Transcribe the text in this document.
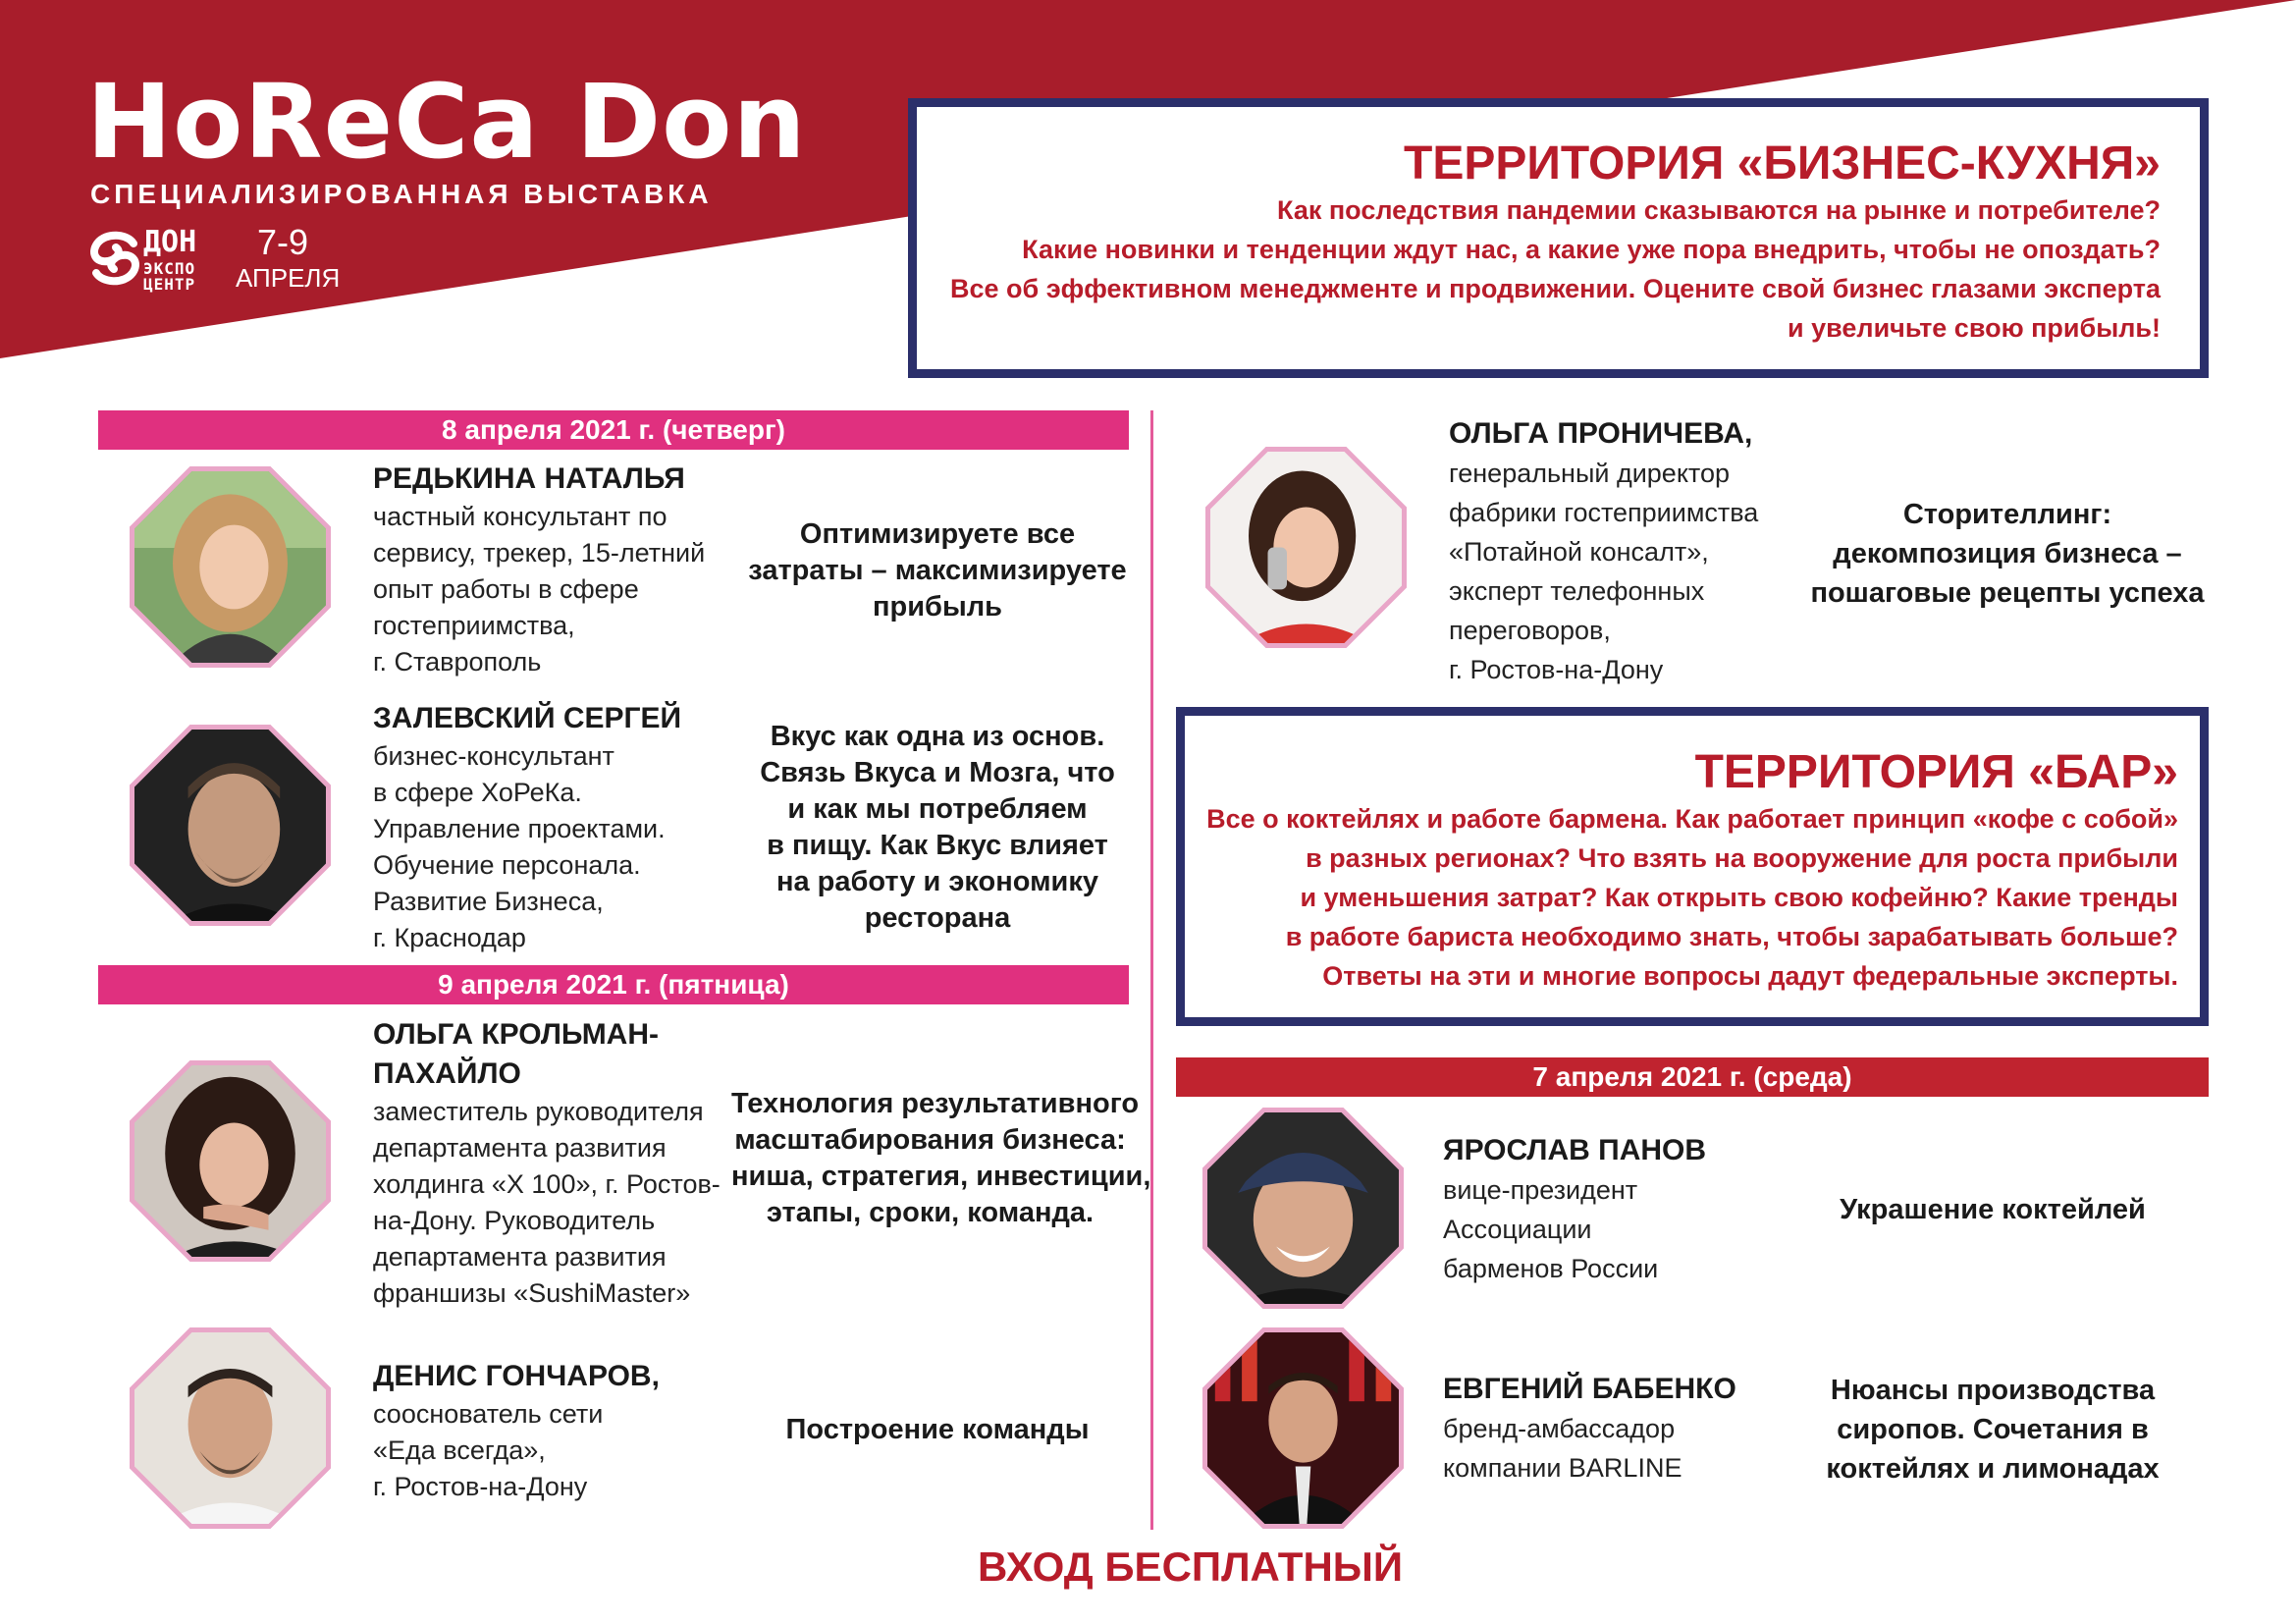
HoReCa Don
СПЕЦИАЛИЗИРОВАННАЯ ВЫСТАВКА
ДОН
ЭКСПО
ЦЕНТР
7-9
АПРЕЛЯ
ТЕРРИТОРИЯ «БИЗНЕС-КУХНЯ»
Как последствия пандемии сказываются на рынке и потребителе?
Какие новинки и тенденции ждут нас, а какие уже пора внедрить, чтобы не опоздать?
Все об эффективном менеджменте и продвижении. Оцените свой бизнес глазами эксперта
и увеличьте свою прибыль!
8 апреля 2021 г. (четверг)
РЕДЬКИНА НАТАЛЬЯ
частный консультант по
сервису, трекер, 15-летний
опыт работы в сфере
гостеприимства,
г. Ставрополь
Оптимизируете все
затраты – максимизируете
прибыль
ЗАЛЕВСКИЙ СЕРГЕЙ
бизнес-консультант
в сфере ХоРеКа.
Управление проектами.
Обучение персонала.
Развитие Бизнеса,
г. Краснодар
Вкус как одна из основ.
Связь Вкуса и Мозга, что
и как мы потребляем
в пищу. Как Вкус влияет
на работу и экономику
ресторана
9 апреля 2021 г. (пятница)
ОЛЬГА КРОЛЬМАН-
ПАХАЙЛО
заместитель руководителя
департамента развития
холдинга «Х 100», г. Ростов-
на-Дону. Руководитель
департамента развития
франшизы «SushiMaster»
Технология результативного
масштабирования бизнеса:
ниша, стратегия, инвестиции,
этапы, сроки, команда.
ДЕНИС ГОНЧАРОВ,
сооснователь сети
«Еда всегда»,
г. Ростов-на-Дону
Построение команды
ОЛЬГА ПРОНИЧЕВА,
генеральный директор
фабрики гостеприимства
«Потайной консалт»,
эксперт телефонных
переговоров,
г. Ростов-на-Дону
Сторителлинг:
декомпозиция бизнеса –
пошаговые рецепты успеха
ТЕРРИТОРИЯ «БАР»
Все о коктейлях и работе бармена. Как работает принцип «кофе с собой»
в разных регионах? Что взять на вооружение для роста прибыли
и уменьшения затрат? Как открыть свою кофейню? Какие тренды
в работе бариста необходимо знать, чтобы зарабатывать больше?
Ответы на эти и многие вопросы дадут федеральные эксперты.
7 апреля 2021 г. (среда)
ЯРОСЛАВ ПАНОВ
вице-президент
Ассоциации
барменов России
Украшение коктейлей
ЕВГЕНИЙ БАБЕНКО
бренд-амбассадор
компании BARLINE
Нюансы производства
сиропов. Сочетания в
коктейлях и лимонадах
ВХОД БЕСПЛАТНЫЙ
